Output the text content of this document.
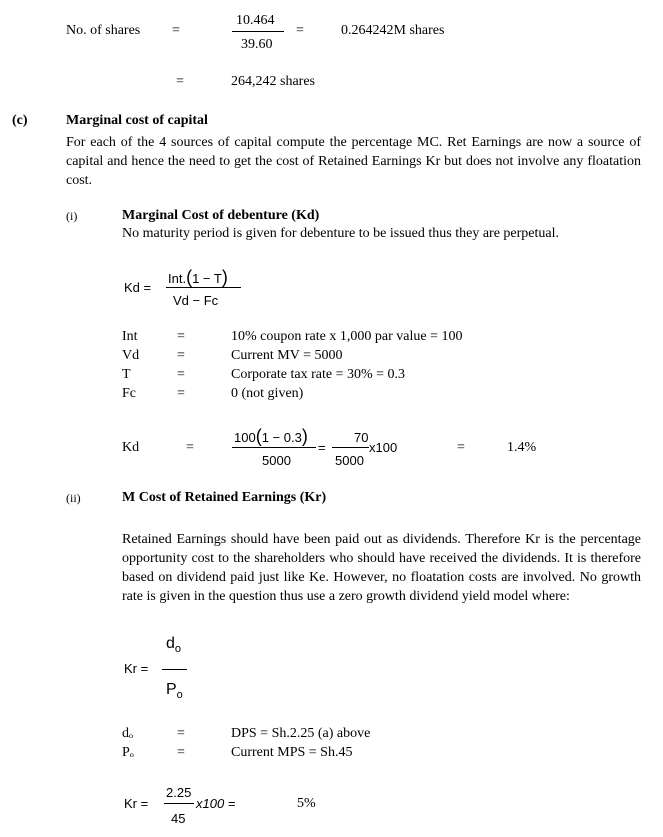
No. of shares =
10.464
39.60
=	0.264242M shares
=	264,242 shares
(c)	Marginal cost of capital
For each of the 4 sources of capital compute the percentage MC. Ret Earnings are now a source of capital and hence the need to get the cost of Retained Earnings Kr but does not involve any floatation cost.
(i)	Marginal Cost of debenture (Kd)
No maturity period is given for debenture to be issued thus they are perpetual.
Kd =
Int.(1 − T)
Vd − Fc
Int	=	10% coupon rate x 1,000 par value = 100
Vd	=	Current MV = 5000
T	=	Corporate tax rate = 30% = 0.3
Fc	=	0 (not given)
Kd	=
100(1 − 0.3)
5000
=
70
5000
x100	=	1.4%
(ii)	M Cost of Retained Earnings (Kr)
Retained Earnings should have been paid out as dividends. Therefore Kr is the percentage opportunity cost to the shareholders who should have received the dividends. It is therefore based on dividend paid just like Ke. However, no floatation costs are involved. No growth rate is given in the question thus use a zero growth dividend yield model where:
Kr =
$d_o$
$P_o$
dₒ	=	DPS = Sh.2.25 (a) above
Pₒ	=	Current MPS = Sh.45
Kr =
2.25
45
x100 =	5%
